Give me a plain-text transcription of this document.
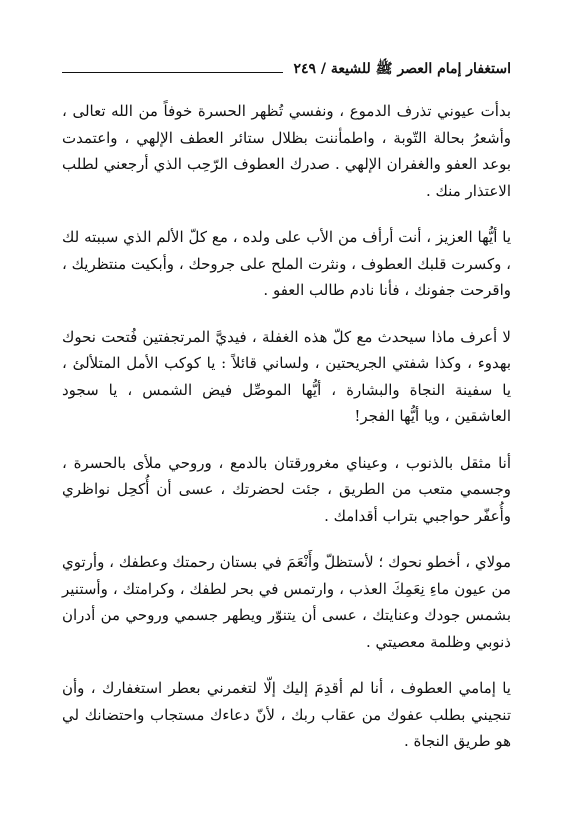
استغفار إمام العصر ﷺ للشيعة / ٢٤٩

بدأت عيوني تذرف الدموع ، ونفسي تُظهر الحسرة خوفاً من الله تعالى ، وأشعرُ بحالة التّوبة ، واطمأننت بظلال ستائر العطف الإلهي ، واعتمدت بوعد العفو والغفران الإلهي . صدرك العطوف الرّحِب الذي أرجعني لطلب الاعتذار منك .

يا أيُّها العزيز ، أنت أرأف من الأب على ولده ، مع كلّ الألم الذي سببته لك ، وكسرت قلبك العطوف ، ونثرت الملح على جروحك ، وأبكيت منتظريك ، واقرحت جفونك ، فأنا نادم طالب العفو .

لا أعرف ماذا سيحدث مع كلّ هذه الغفلة ، فيديَّ المرتجفتين فُتحت نحوك بهدوء ، وكذا شفتي الجريحتين ، ولساني قائلاً : يا كوكب الأمل المتلألئ ، يا سفينة النجاة والبشارة ، أيُّها الموصِّل فيض الشمس ، يا سجود العاشقين ، ويا أيُّها الفجر!

أنا مثقل بالذنوب ، وعيناي مغرورقتان بالدمع ، وروحي ملأى بالحسرة ، وجسمي متعب من الطريق ، جئت لحضرتك ، عسى أن أُكحِل نواظري وأُعفّر حواجبي بتراب أقدامك .

مولاي ، أخطو نحوك ؛ لأستظلّ وأَنْعَمَ في بستان رحمتك وعطفك ، وأرتوي من عيون ماءِ نِعَمِكَ العذب ، وارتمس في بحر لطفك ، وكرامتك ، وأستنير بشمس جودك وعنايتك ، عسى أن يتنوّر ويطهر جسمي وروحي من أدران ذنوبي وظلمة معصيتي .

يا إمامي العطوف ، أنا لم أقدِمَ إليك إلّا لتغمرني بعطر استغفارك ، وأن تنجيني بطلب عفوك من عقاب ربك ، لأنّ دعاءك مستجاب واحتضانك لي هو طريق النجاة .
